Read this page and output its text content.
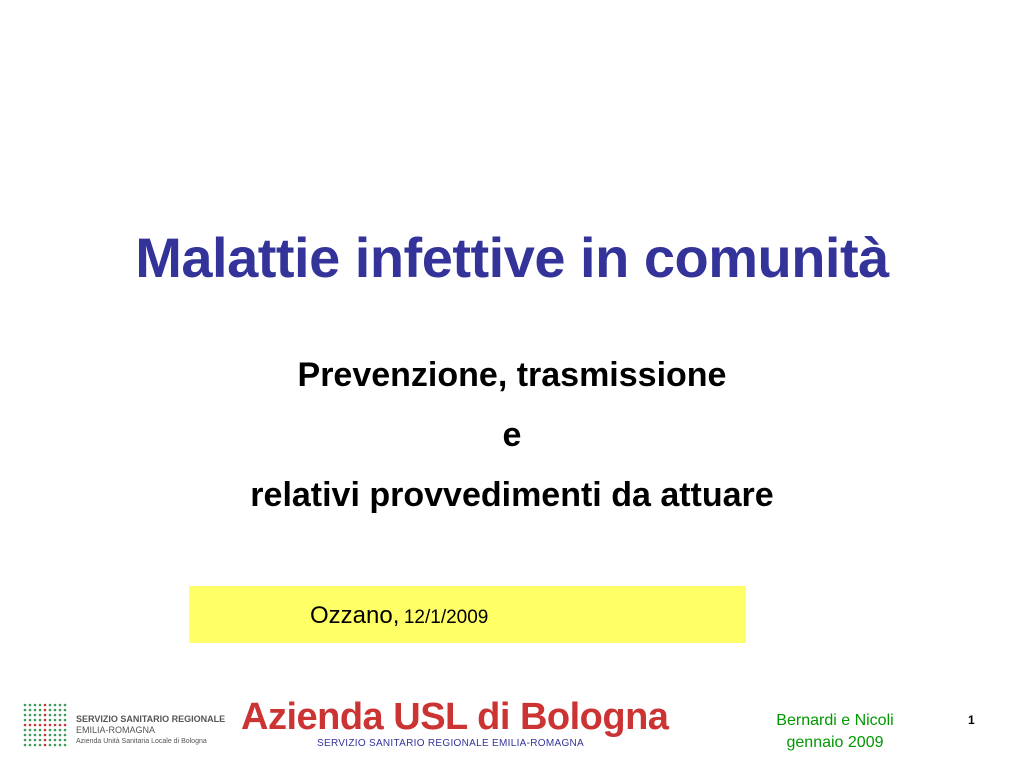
Malattie infettive in comunità
Prevenzione, trasmissione
e
relativi provvedimenti da attuare
Ozzano, 12/1/2009
SERVIZIO SANITARIO REGIONALE
EMILIA-ROMAGNA
Azienda Unità Sanitaria Locale di Bologna
Azienda USL di Bologna
SERVIZIO SANITARIO REGIONALE EMILIA-ROMAGNA
Bernardi e Nicoli
gennaio 2009
1
